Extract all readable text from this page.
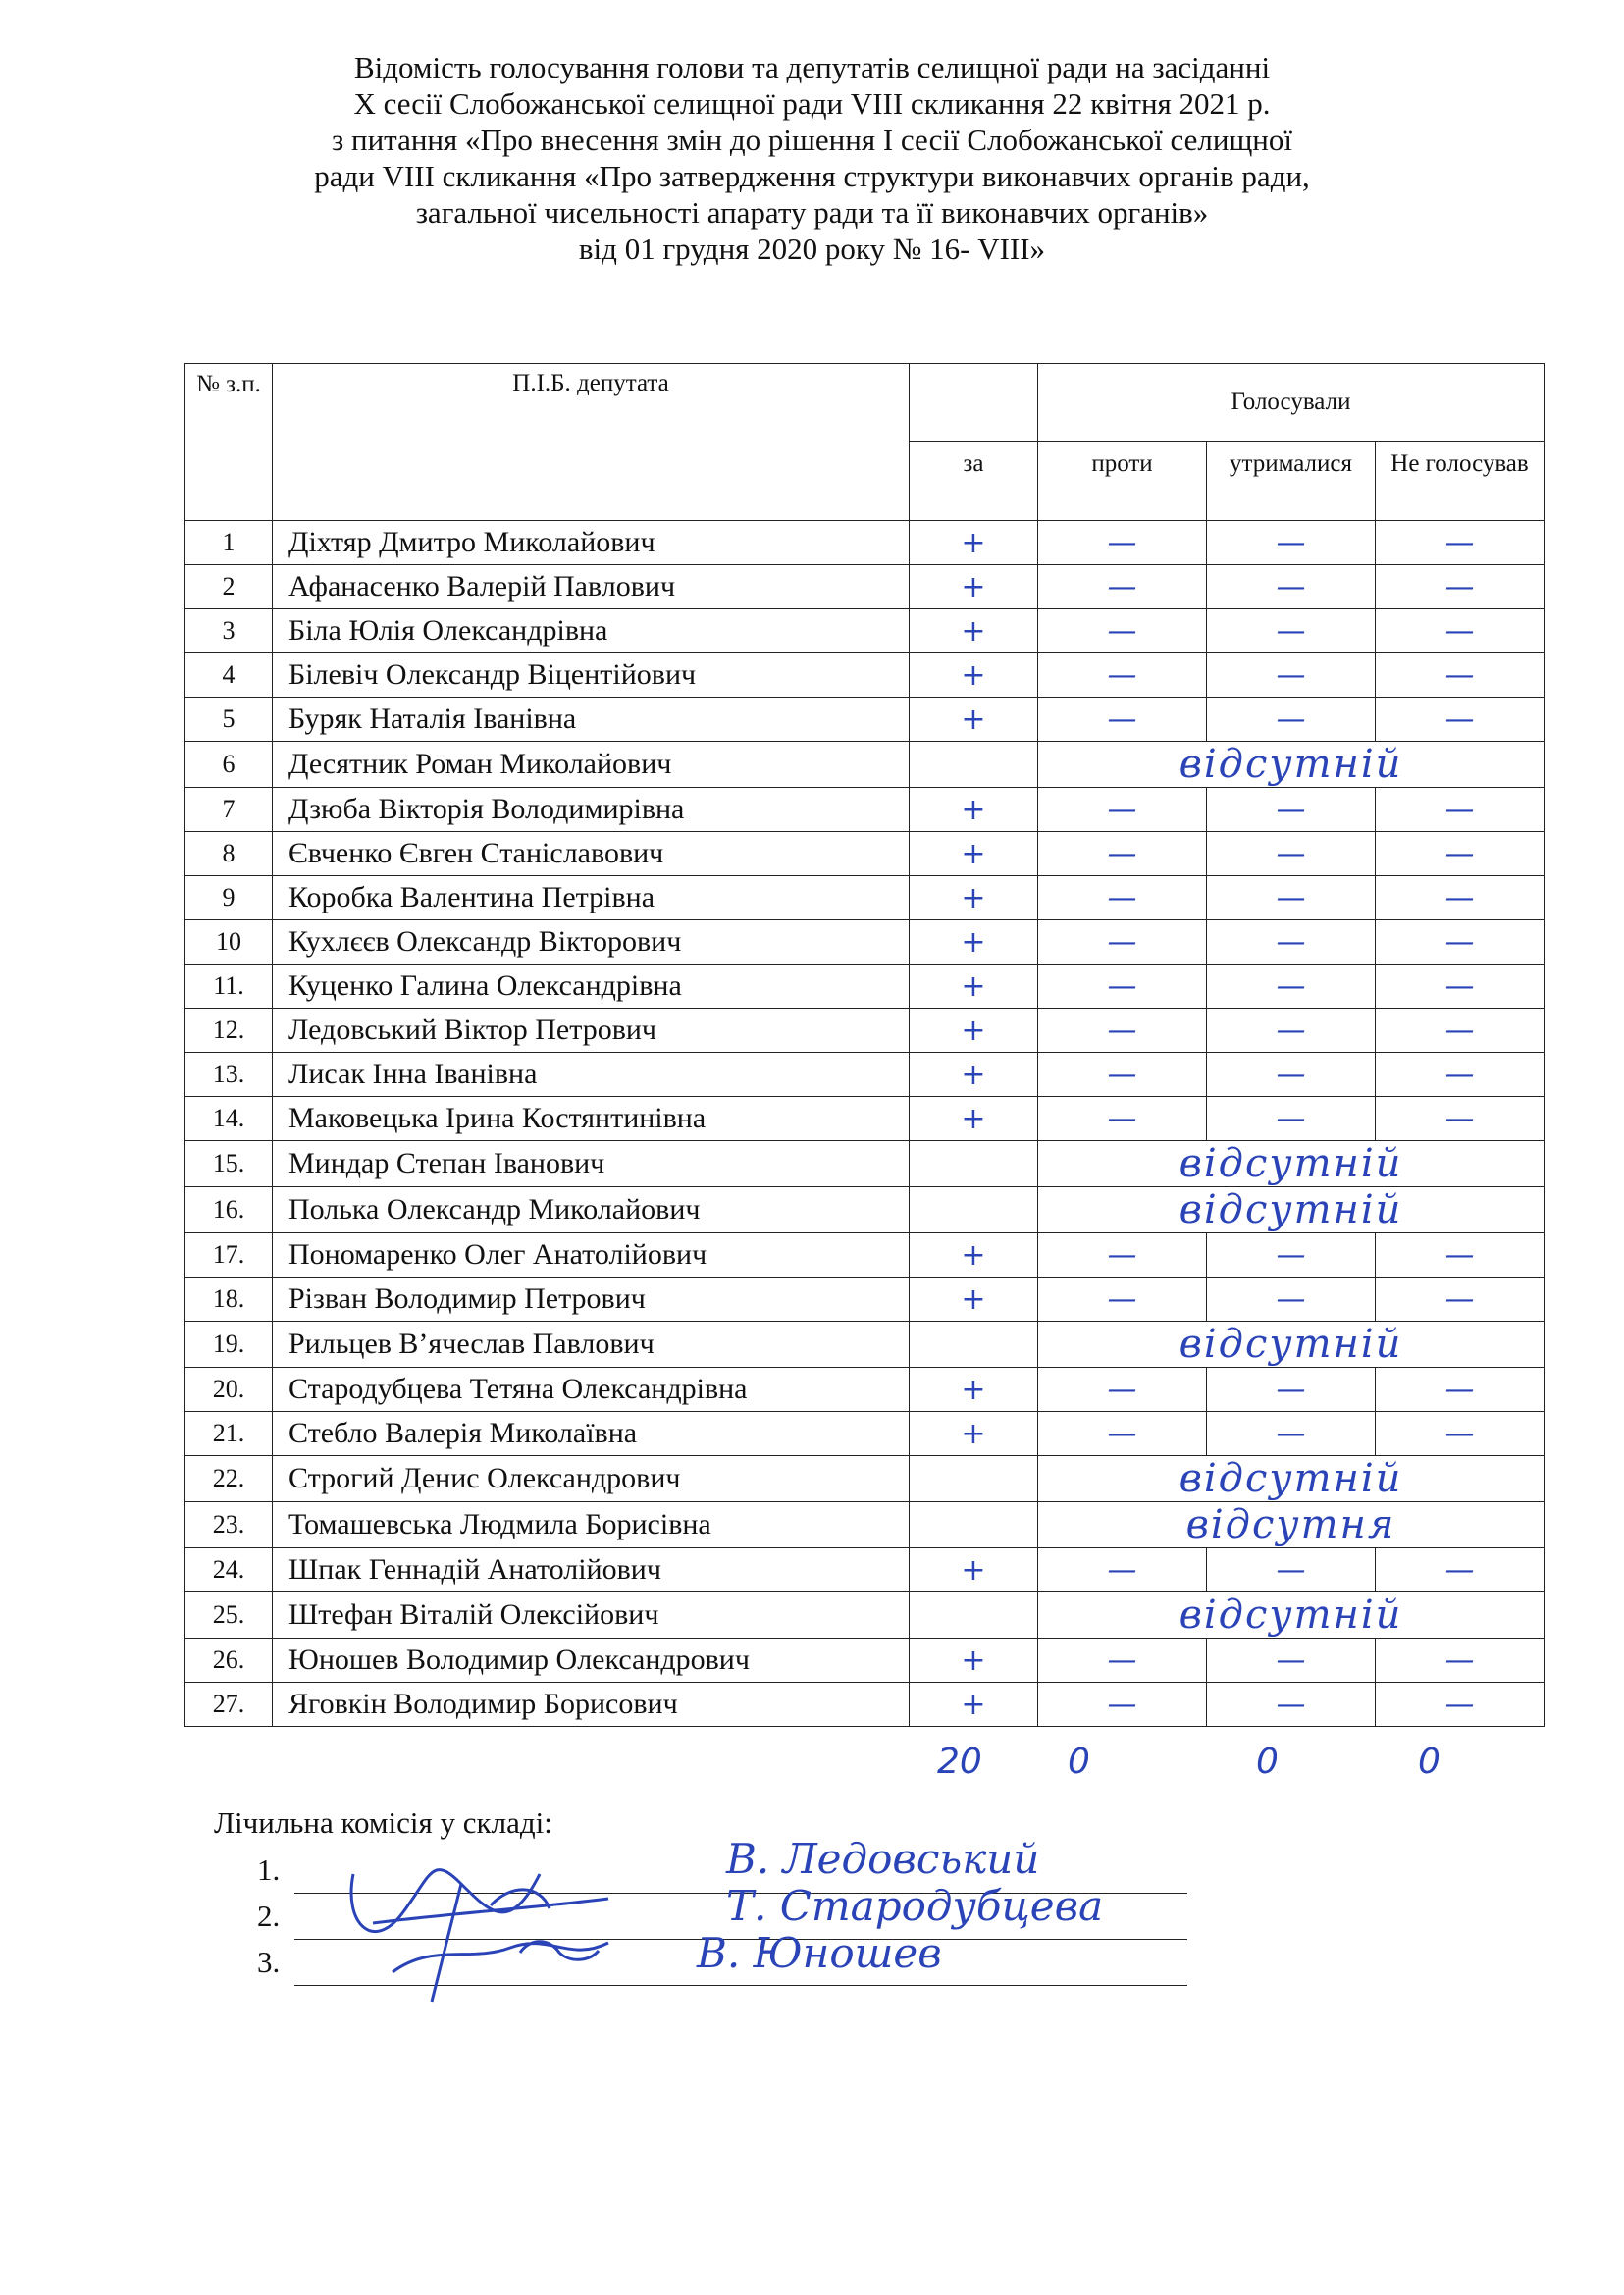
Відомість голосування голови та депутатів селищної ради на засіданні
X сесії Слобожанської селищної ради VIII скликання 22 квітня 2021 р.
з питання «Про внесення змін до рішення I сесії Слобожанської селищної
ради VIII скликання «Про затвердження структури виконавчих органів ради,
загальної чисельності апарату ради та її виконавчих органів»
від 01 грудня 2020 року № 16- VIII»
№ з.п.	П.І.Б. депутата		Голосували		
		за	проти	утрималися	Не голосував
1	Діхтяр Дмитро Миколайович	+	—	—	—
2	Афанасенко Валерій Павлович	+	—	—	—
3	Біла Юлія Олександрівна	+	—	—	—
4	Білевіч Олександр Віцентійович	+	—	—	—
5	Буряк Наталія Іванівна	+	—	—	—
6	Десятник Роман Миколайович		відсутній		
7	Дзюба Вікторія Володимирівна	+	—	—	—
8	Євченко Євген Станіславович	+	—	—	—
9	Коробка Валентина Петрівна	+	—	—	—
10	Кухлєєв Олександр Вікторович	+	—	—	—
11.	Куценко Галина Олександрівна	+	—	—	—
12.	Ледовський Віктор Петрович	+	—	—	—
13.	Лисак Інна Іванівна	+	—	—	—
14.	Маковецька Ірина Костянтинівна	+	—	—	—
15.	Миндар Степан Іванович		відсутній		
16.	Полька Олександр Миколайович		відсутній		
17.	Пономаренко Олег Анатолійович	+	—	—	—
18.	Різван Володимир Петрович	+	—	—	—
19.	Рильцев В’ячеслав Павлович		відсутній		
20.	Стародубцева Тетяна Олександрівна	+	—	—	—
21.	Стебло Валерія Миколаївна	+	—	—	—
22.	Строгий Денис Олександрович		відсутній		
23.	Томашевська Людмила Борисівна		відсутня		
24.	Шпак Геннадій Анатолійович	+	—	—	—
25.	Штефан Віталій Олексійович		відсутній		
26.	Юношев Володимир Олександрович	+	—	—	—
27.	Яговкін Володимир Борисович	+	—	—	—
20 0	0	0
Лічильна комісія у складі:
1.	В. Ледовський
2.	Т. Стародубцева
3.	В. Юношев
